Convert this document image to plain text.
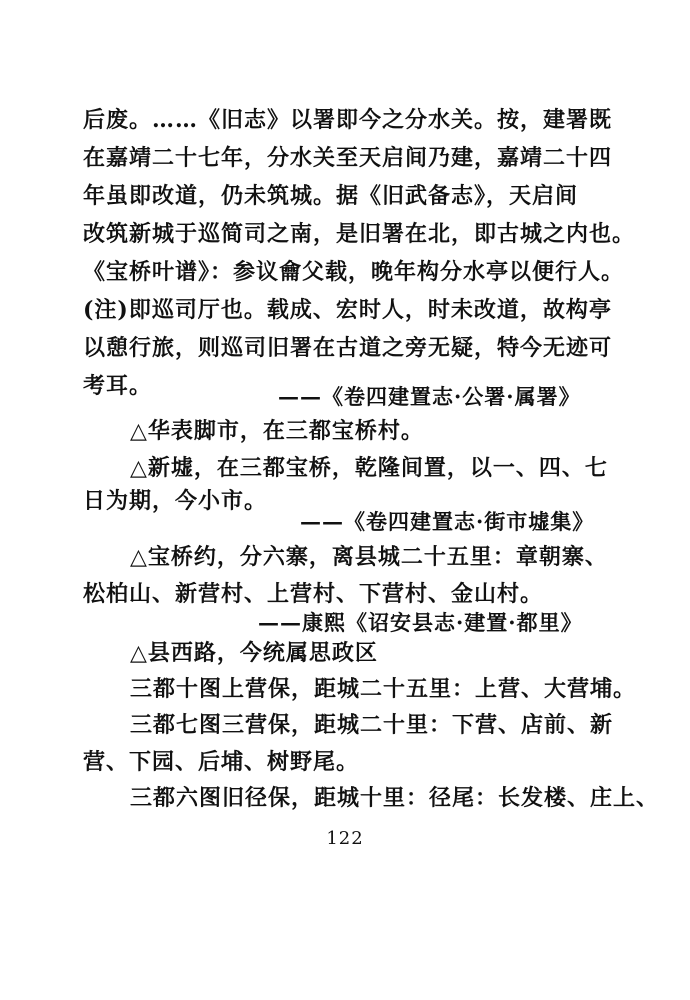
后废。……《旧志》以署即今之分水关。按，建署既
在嘉靖二十七年，分水关至天启间乃建，嘉靖二十四
年虽即改道，仍未筑城。据《旧武备志》，天启间
改筑新城于巡简司之南，是旧署在北，即古城之内也。
《宝桥叶谱》：参议龠父载，晚年构分水亭以便行人。
(注)即巡司厅也。载成、宏时人，时未改道，故构亭
以憩行旅，则巡司旧署在古道之旁无疑，特今无迹可
考耳。	——《卷四建置志·公署·属署》
△华表脚市，在三都宝桥村。
△新墟，在三都宝桥，乾隆间置，以一、四、七
日为期，今小市。
——《卷四建置志·街市墟集》
△宝桥约，分六寨，离县城二十五里：章朝寨、
松柏山、新营村、上营村、下营村、金山村。
——康熙《诏安县志·建置·都里》
△县西路，今统属思政区
三都十图上营保，距城二十五里：上营、大营埔。
三都七图三营保，距城二十里：下营、店前、新
营、下园、后埔、树野尾。
三都六图旧径保，距城十里：径尾：长发楼、庄上、
122
